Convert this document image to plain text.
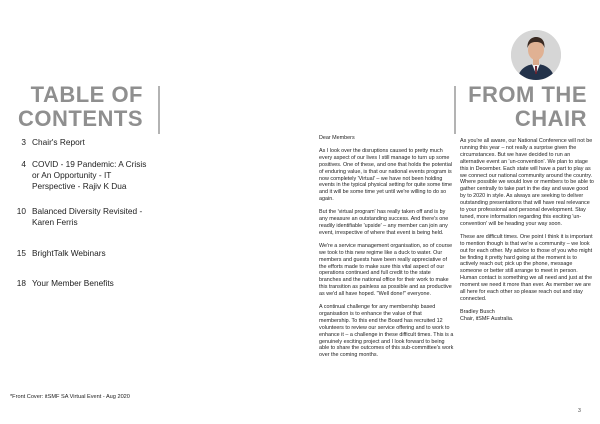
TABLE OF
CONTENTS
3 Chair's Report
4 COVID - 19 Pandemic: A Crisis
or An Opportunity - IT
Perspective - Rajiv K Dua
10 Balanced Diversity Revisited -
Karen Ferris
15 BrightTalk Webinars
18 Your Member Benefits
*Front Cover: itSMF SA Virtual Event - Aug 2020
FROM THE
CHAIR

Dear Members

As I look over the disruptions caused to pretty much every aspect of our lives I still manage to turn up some positives. One of these, and one that holds the potential of enduring value, is that our national events program is now completely 'Virtual' – we have not been holding events in the typical physical setting for quite some time and it will be some time yet until we're willing to do so again.

But the 'virtual program' has really taken off and is by any measure an outstanding success. And there's one readily identifiable 'upside' – any member can join any event, irrespective of where that event is being held.

We're a service management organisation, so of course we took to this new regime like a duck to water. Our members and guests have been really appreciative of the efforts made to make sure this vital aspect of our operations continued and full credit to the state branches and the national office for their work to make this transition as painless as possible and as productive as we'd all have hoped. "Well done!" everyone.

A continual challenge for any membership based organisation is to enhance the value of that membership. To this end the Board has recruited 12 volunteers to review our service offering and to work to enhance it – a challenge in these difficult times. This is a genuinely exciting project and I look forward to being able to share the outcomes of this sub-committee's work over the coming months.

As you're all aware, our National Conference will not be running this year – not really a surprise given the circumstances. But we have decided to run an alternative event an 'un-convention'. We plan to stage this in December. Each state will have a part to play as we connect our national community around the country. Where possible we would love or members to be able to gather centrally to take part in the day and wave good by to 2020 in style. As always are seeking to deliver outstanding presentations that will have real relevance to your professional and personal development. Stay tuned, more information regarding this exciting 'un-convention' will be heading your way soon.

These are difficult times. One point I think it is important to mention though is that we're a community – we look out for each other. My advice to those of you who might be finding it pretty hard going at the moment is to actively reach out; pick up the phone, message someone or better still arrange to meet in person. Human contact is something we all need and just at the moment we need it more than ever. As member we are all here for each other so please reach out and stay connected.

Bradley Busch
Chair, itSMF Australia.

3
